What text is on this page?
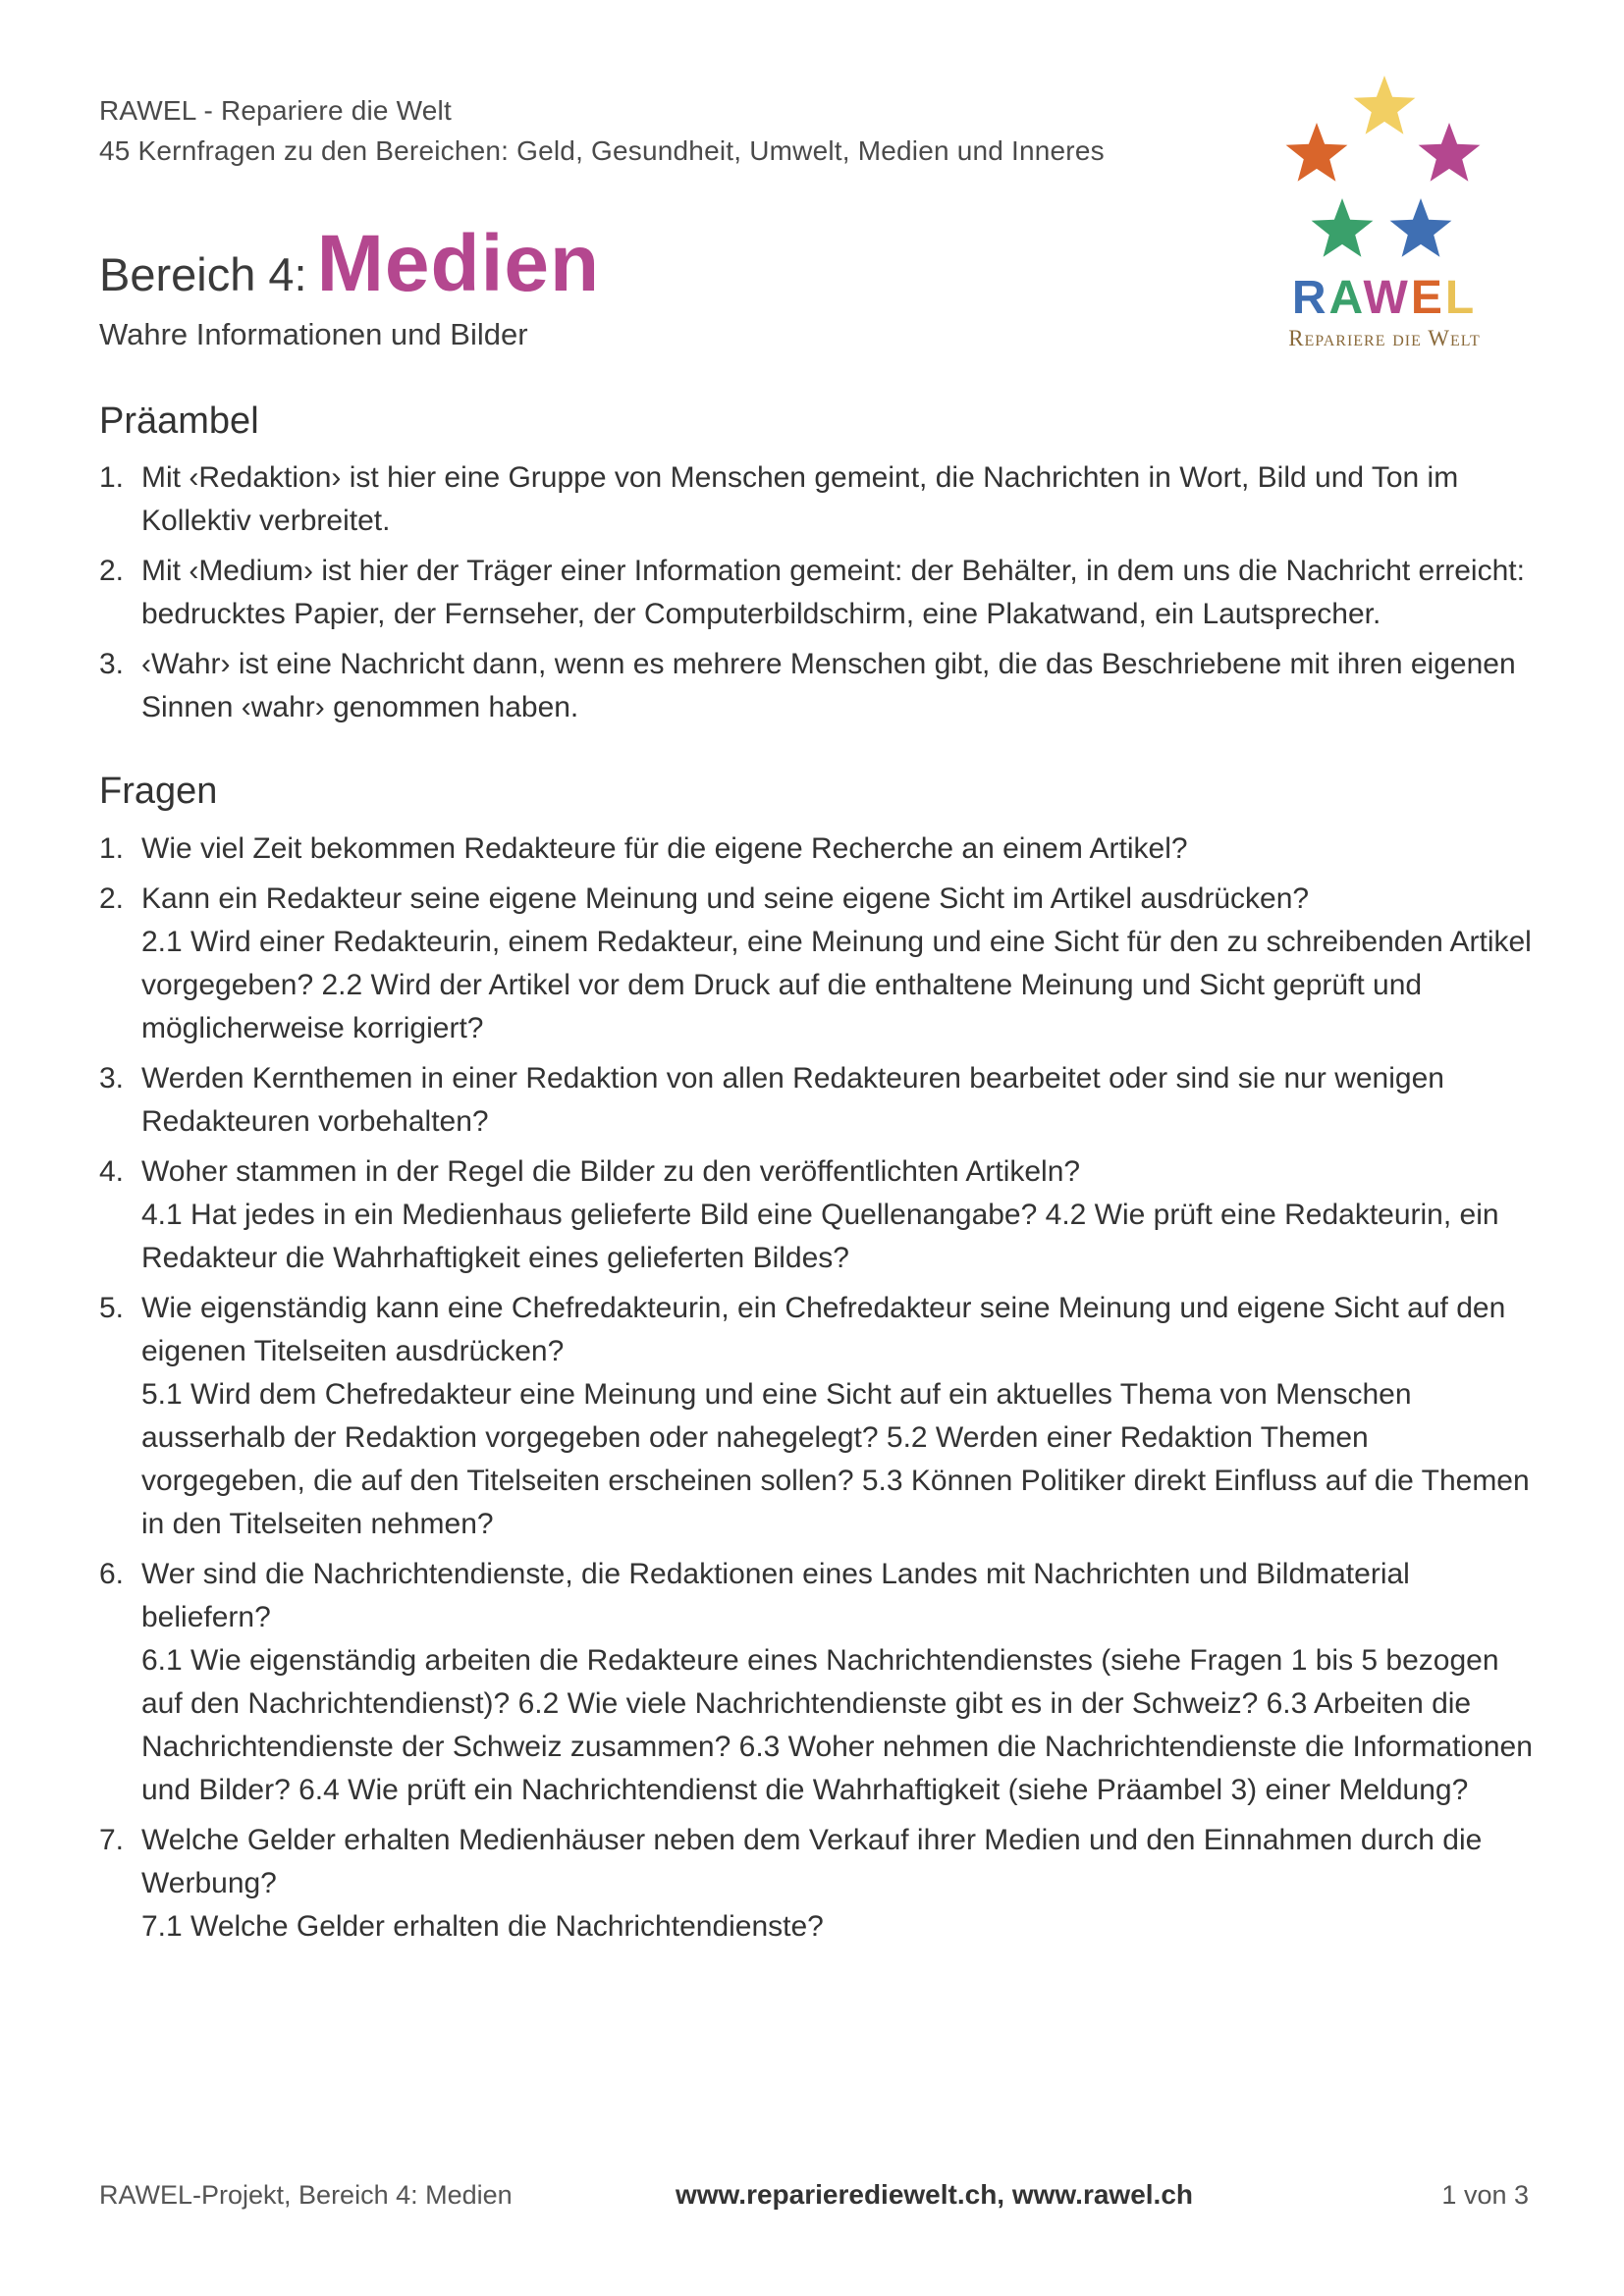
RAWEL - Repariere die Welt
45 Kernfragen zu den Bereichen: Geld, Gesundheit, Umwelt, Medien und Inneres
Bereich 4: Medien
Wahre Informationen und Bilder
RAWEL
Repariere die Welt
Präambel
1. Mit ‹Redaktion› ist hier eine Gruppe von Menschen gemeint, die Nachrichten in Wort, Bild und Ton im Kollektiv verbreitet.
2. Mit ‹Medium› ist hier der Träger einer Information gemeint: der Behälter, in dem uns die Nachricht erreicht: bedrucktes Papier, der Fernseher, der Computerbildschirm, eine Plakatwand, ein Lautsprecher.
3. ‹Wahr› ist eine Nachricht dann, wenn es mehrere Menschen gibt, die das Beschriebene mit ihren eigenen Sinnen ‹wahr› genommen haben.
Fragen
1. Wie viel Zeit bekommen Redakteure für die eigene Recherche an einem Artikel?
2. Kann ein Redakteur seine eigene Meinung und seine eigene Sicht im Artikel ausdrücken?
2.1 Wird einer Redakteurin, einem Redakteur, eine Meinung und eine Sicht für den zu schreibenden Artikel vorgegeben? 2.2 Wird der Artikel vor dem Druck auf die enthaltene Meinung und Sicht geprüft und möglicherweise korrigiert?
3. Werden Kernthemen in einer Redaktion von allen Redakteuren bearbeitet oder sind sie nur wenigen Redakteuren vorbehalten?
4. Woher stammen in der Regel die Bilder zu den veröffentlichten Artikeln?
4.1 Hat jedes in ein Medienhaus gelieferte Bild eine Quellenangabe? 4.2 Wie prüft eine Redakteurin, ein Redakteur die Wahrhaftigkeit eines gelieferten Bildes?
5. Wie eigenständig kann eine Chefredakteurin, ein Chefredakteur seine Meinung und eigene Sicht auf den eigenen Titelseiten ausdrücken?
5.1 Wird dem Chefredakteur eine Meinung und eine Sicht auf ein aktuelles Thema von Menschen ausserhalb der Redaktion vorgegeben oder nahegelegt? 5.2 Werden einer Redaktion Themen vorgegeben, die auf den Titelseiten erscheinen sollen? 5.3 Können Politiker direkt Einfluss auf die Themen in den Titelseiten nehmen?
6. Wer sind die Nachrichtendienste, die Redaktionen eines Landes mit Nachrichten und Bildmaterial beliefern?
6.1 Wie eigenständig arbeiten die Redakteure eines Nachrichtendienstes (siehe Fragen 1 bis 5 bezogen auf den Nachrichtendienst)? 6.2 Wie viele Nachrichtendienste gibt es in der Schweiz? 6.3 Arbeiten die Nachrichtendienste der Schweiz zusammen? 6.3 Woher nehmen die Nachrichtendienste die Informationen und Bilder? 6.4 Wie prüft ein Nachrichtendienst die Wahrhaftigkeit (siehe Präambel 3) einer Meldung?
7. Welche Gelder erhalten Medienhäuser neben dem Verkauf ihrer Medien und den Einnahmen durch die Werbung?
7.1 Welche Gelder erhalten die Nachrichtendienste?
RAWEL-Projekt, Bereich 4: Medien	www.reparierediewelt.ch, www.rawel.ch	1 von 3
